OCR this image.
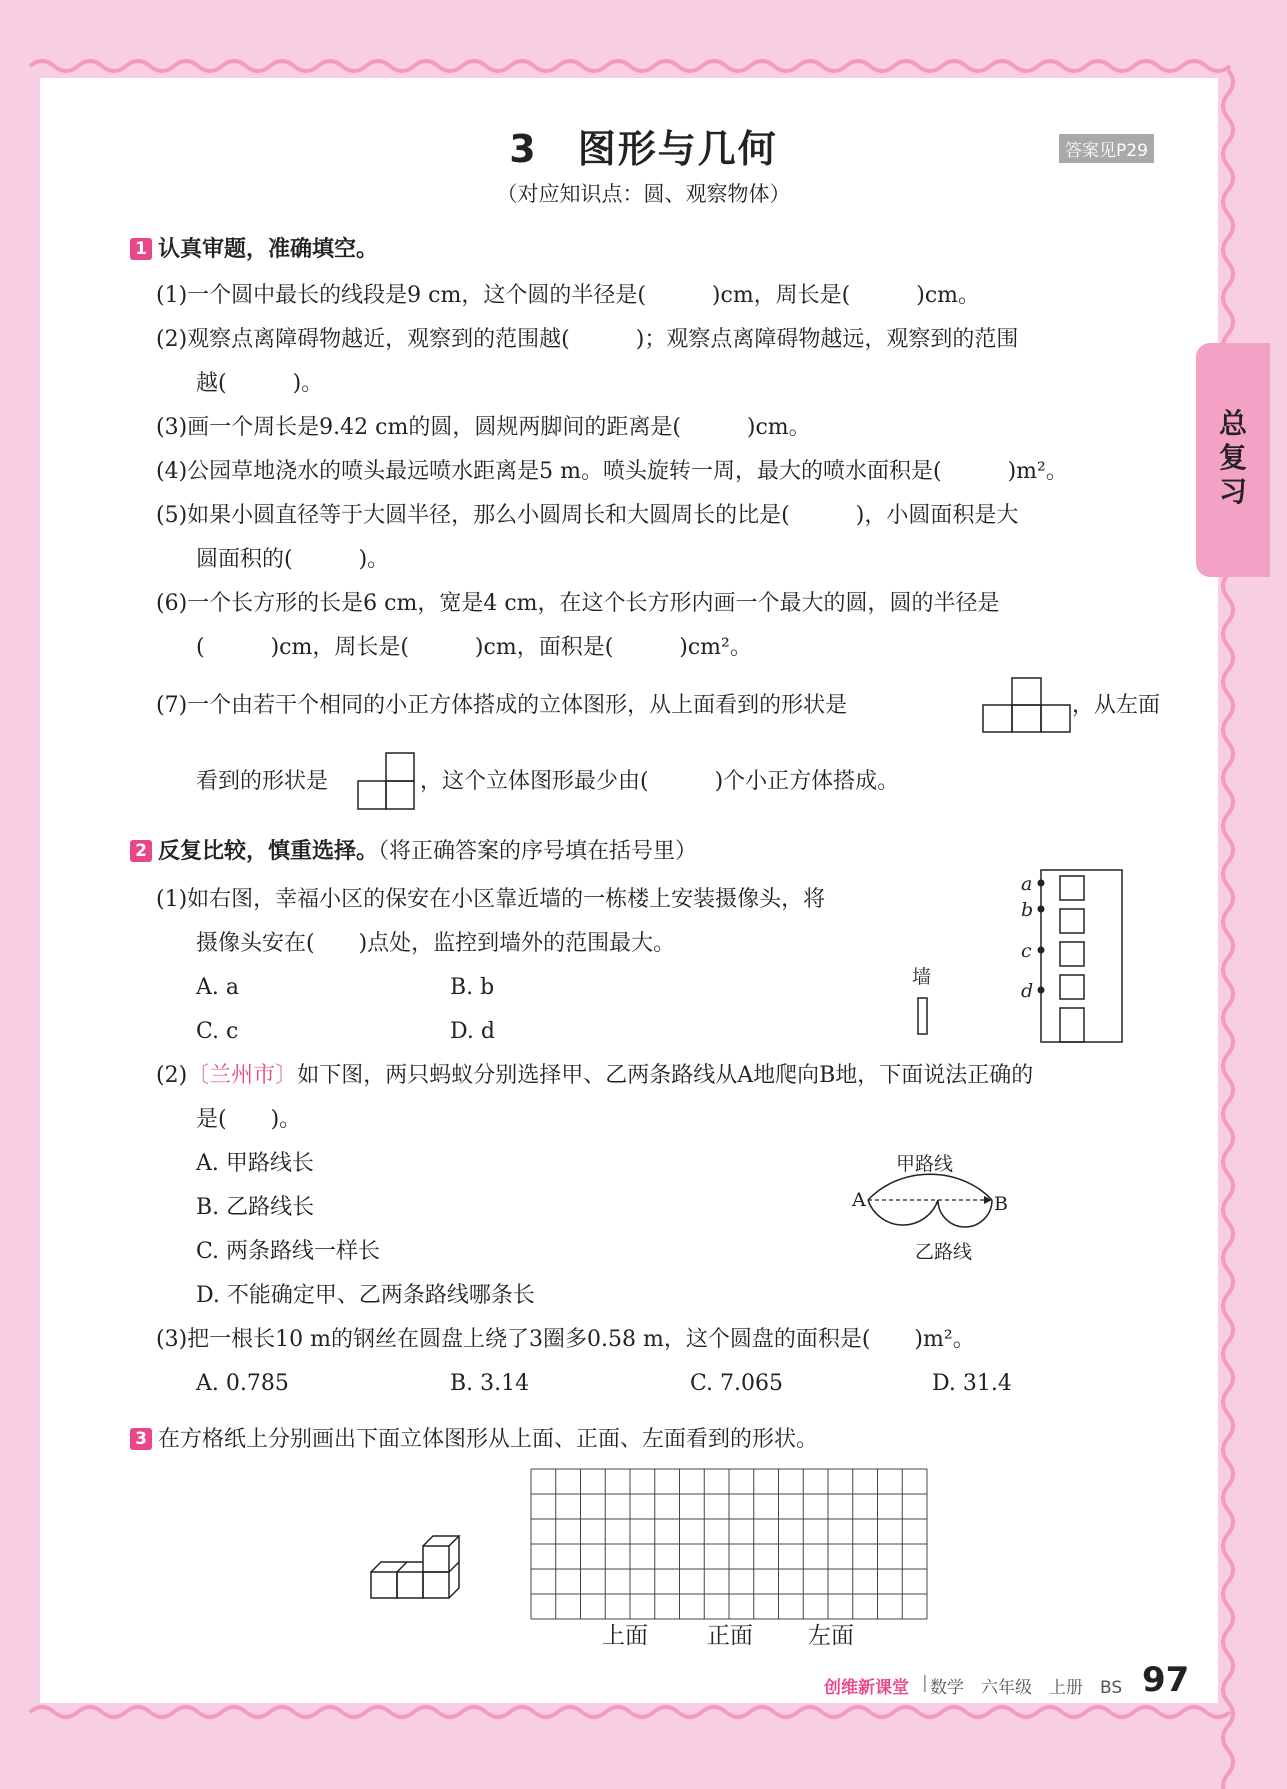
3　图形与几何	答案见P29
（对应知识点：圆、观察物体）
总复习
1 认真审题，准确填空。
(1)一个圆中最长的线段是9 cm，这个圆的半径是(　　　)cm，周长是(　　　)cm。
(2)观察点离障碍物越近，观察到的范围越(　　　)；观察点离障碍物越远，观察到的范围
越(　　　)。
(3)画一个周长是9.42 cm的圆，圆规两脚间的距离是(　　　)cm。
(4)公园草地浇水的喷头最远喷水距离是5 m。喷头旋转一周，最大的喷水面积是(　　　)m²。
(5)如果小圆直径等于大圆半径，那么小圆周长和大圆周长的比是(　　　)，小圆面积是大
圆面积的(　　　)。
(6)一个长方形的长是6 cm，宽是4 cm，在这个长方形内画一个最大的圆，圆的半径是
(　　　)cm，周长是(　　　)cm，面积是(　　　)cm²。
(7)一个由若干个相同的小正方体搭成的立体图形，从上面看到的形状是	，从左面
看到的形状是	，这个立体图形最少由(　　　)个小正方体搭成。
2 反复比较，慎重选择。（将正确答案的序号填在括号里）
(1)如右图，幸福小区的保安在小区靠近墙的一栋楼上安装摄像头，将
摄像头安在(　　)点处，监控到墙外的范围最大。
A. a	B. b
C. c	D. d
a
b
c
d
墙
(2)〔兰州市〕如下图，两只蚂蚁分别选择甲、乙两条路线从A地爬向B地，下面说法正确的
是(　　)。
A. 甲路线长
B. 乙路线长
C. 两条路线一样长
D. 不能确定甲、乙两条路线哪条长
甲路线
乙路线
A	B
(3)把一根长10 m的钢丝在圆盘上绕了3圈多0.58 m，这个圆盘的面积是(　　)m²。
A. 0.785	B. 3.14	C. 7.065	D. 31.4
3 在方格纸上分别画出下面立体图形从上面、正面、左面看到的形状。
上面	正面 左面
创维新课堂 | 数学　六年级　上册　BS 97
